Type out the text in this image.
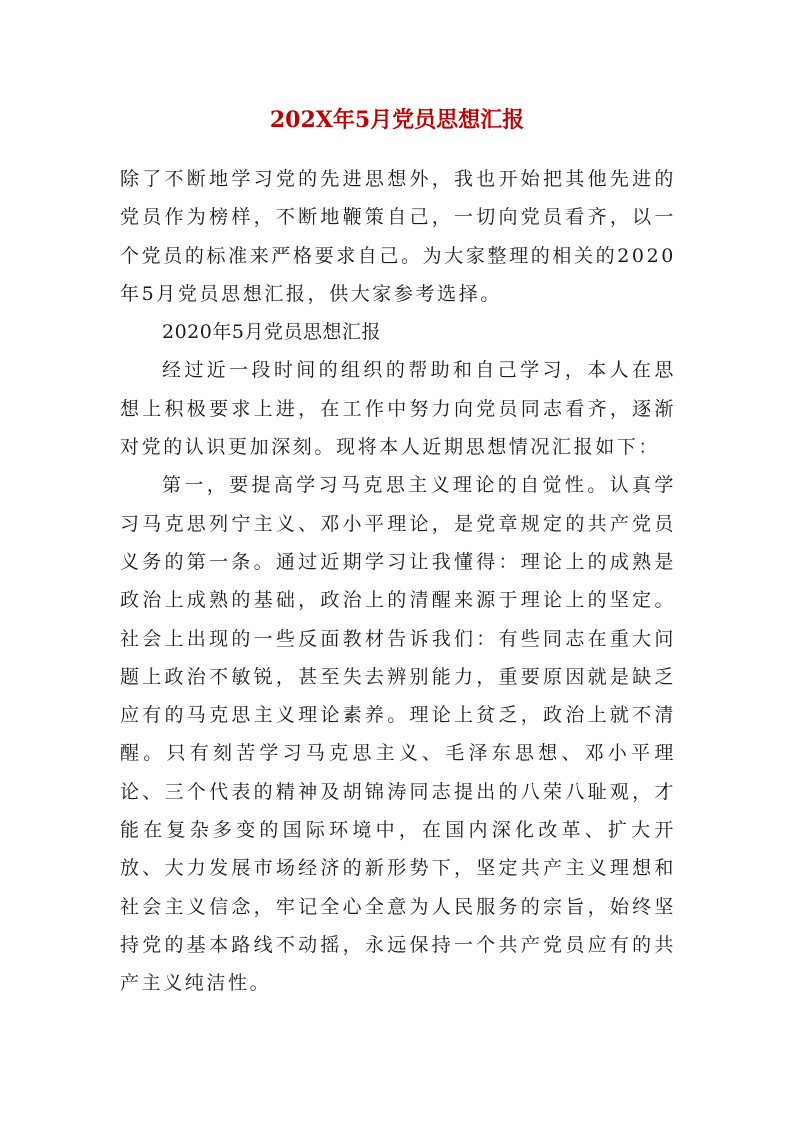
202X年5月党员思想汇报

除了不断地学习党的先进思想外，我也开始把其他先进的党员作为榜样，不断地鞭策自己，一切向党员看齐，以一个党员的标准来严格要求自己。为大家整理的相关的2020年5月党员思想汇报，供大家参考选择。

2020年5月党员思想汇报

经过近一段时间的组织的帮助和自己学习，本人在思想上积极要求上进，在工作中努力向党员同志看齐，逐渐对党的认识更加深刻。现将本人近期思想情况汇报如下：

第一，要提高学习马克思主义理论的自觉性。认真学习马克思列宁主义、邓小平理论，是党章规定的共产党员义务的第一条。通过近期学习让我懂得：理论上的成熟是政治上成熟的基础，政治上的清醒来源于理论上的坚定。社会上出现的一些反面教材告诉我们：有些同志在重大问题上政治不敏锐，甚至失去辨别能力，重要原因就是缺乏应有的马克思主义理论素养。理论上贫乏，政治上就不清醒。只有刻苦学习马克思主义、毛泽东思想、邓小平理论、三个代表的精神及胡锦涛同志提出的八荣八耻观，才能在复杂多变的国际环境中，在国内深化改革、扩大开放、大力发展市场经济的新形势下，坚定共产主义理想和社会主义信念，牢记全心全意为人民服务的宗旨，始终坚持党的基本路线不动摇，永远保持一个共产党员应有的共产主义纯洁性。
